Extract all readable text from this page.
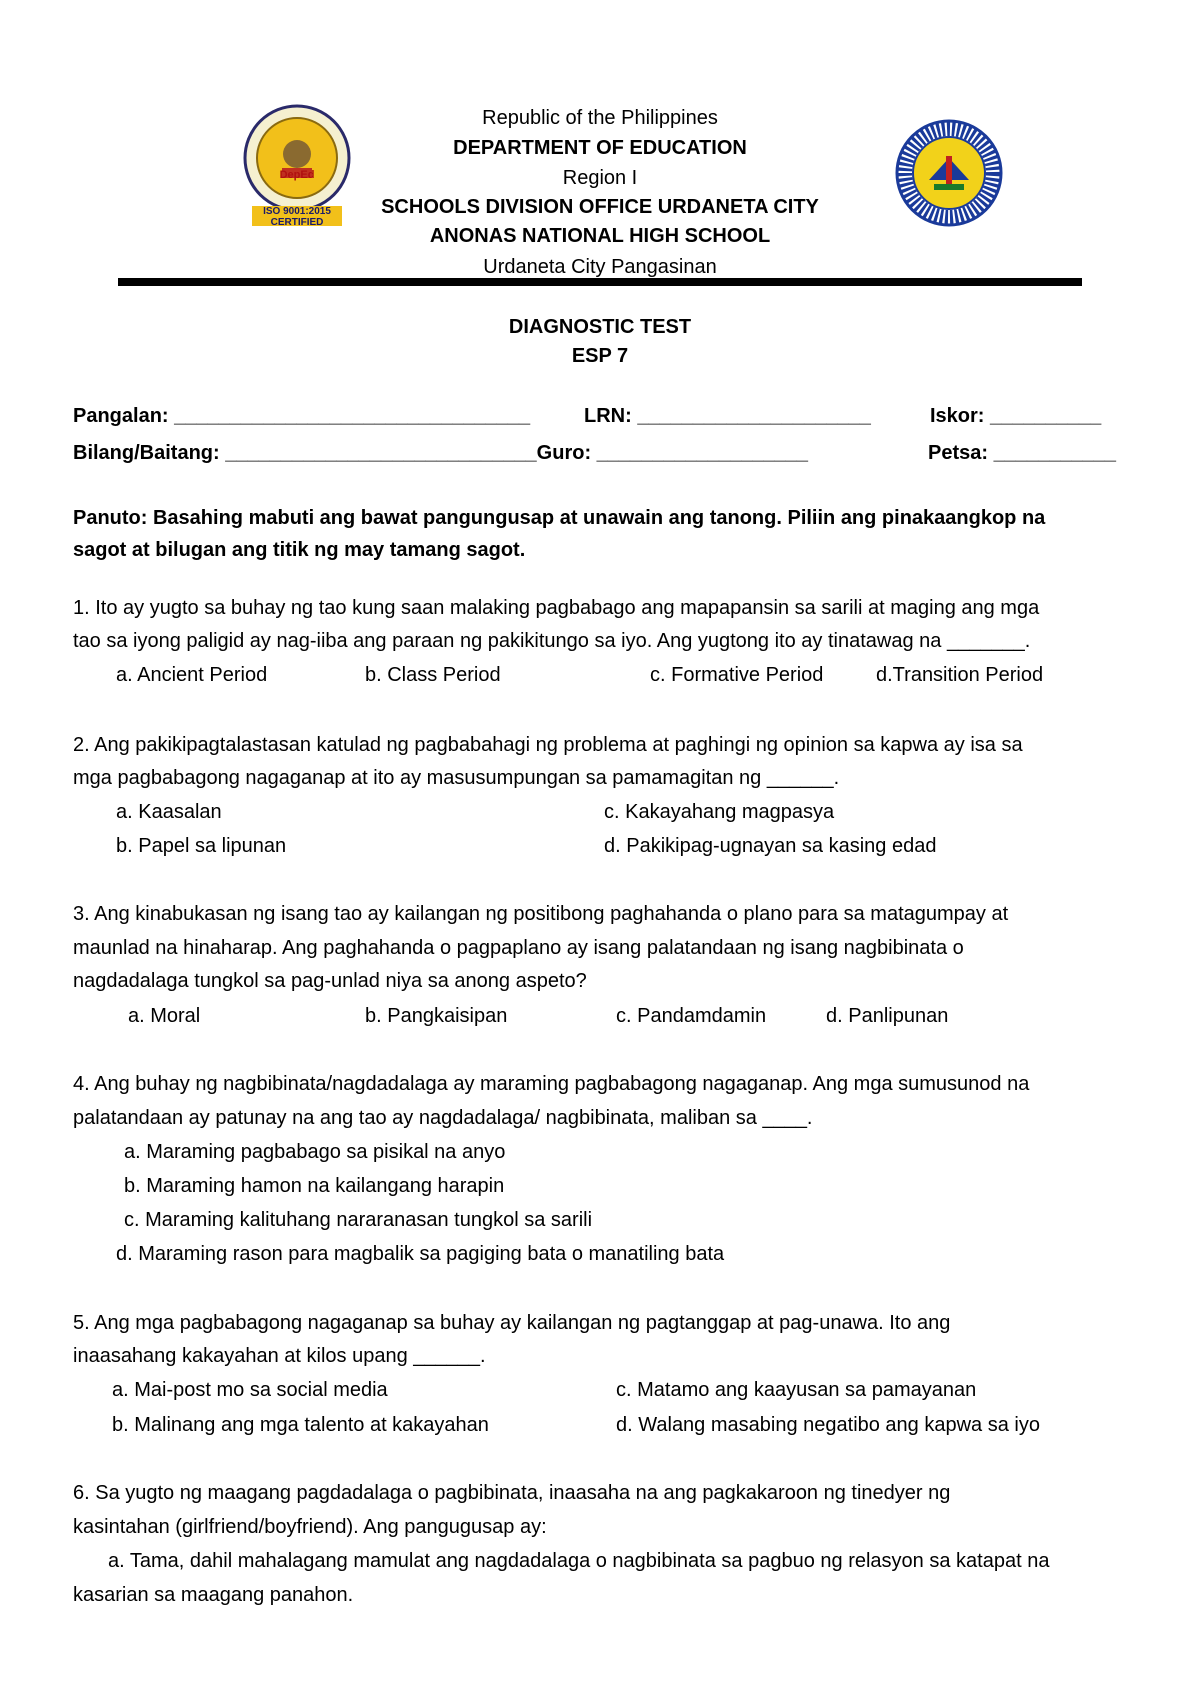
DepEd
ISO 9001:2015
CERTIFIED
Republic of the Philippines
DEPARTMENT OF EDUCATION
Region I
SCHOOLS DIVISION OFFICE URDANETA CITY
ANONAS NATIONAL HIGH SCHOOL
Urdaneta City Pangasinan
DIAGNOSTIC TEST
ESP 7
Pangalan: ________________________________	LRN: _____________________	Iskor: __________
Bilang/Baitang: ____________________________Guro: ___________________	Petsa: ___________
Panuto: Basahing mabuti ang bawat pangungusap at unawain ang tanong. Piliin ang pinakaangkop na
sagot at bilugan ang titik ng may tamang sagot.
1. Ito ay yugto sa buhay ng tao kung saan malaking pagbabago ang mapapansin sa sarili at maging ang mga
tao sa iyong paligid ay nag-iiba ang paraan ng pakikitungo sa iyo. Ang yugtong ito ay tinatawag na _______.
a. Ancient Period	b. Class Period	c. Formative Period	d.Transition Period
2. Ang pakikipagtalastasan katulad ng pagbabahagi ng problema at paghingi ng opinion sa kapwa ay isa sa
mga pagbabagong nagaganap at ito ay masusumpungan sa pamamagitan ng ______.
a. Kaasalan	c. Kakayahang magpasya
b. Papel sa lipunan	d. Pakikipag-ugnayan sa kasing edad
3. Ang kinabukasan ng isang tao ay kailangan ng positibong paghahanda o plano para sa matagumpay at
maunlad na hinaharap. Ang paghahanda o pagpaplano ay isang palatandaan ng isang nagbibinata o
nagdadalaga tungkol sa pag-unlad niya sa anong aspeto?
a. Moral	b. Pangkaisipan	c. Pandamdamin	d. Panlipunan
4. Ang buhay ng nagbibinata/nagdadalaga ay maraming pagbabagong nagaganap. Ang mga sumusunod na
palatandaan ay patunay na ang tao ay nagdadalaga/ nagbibinata, maliban sa ____.
a. Maraming pagbabago sa pisikal na anyo
b. Maraming hamon na kailangang harapin
c. Maraming kalituhang nararanasan tungkol sa sarili
d. Maraming rason para magbalik sa pagiging bata o manatiling bata
5. Ang mga pagbabagong nagaganap sa buhay ay kailangan ng pagtanggap at pag-unawa. Ito ang
inaasahang kakayahan at kilos upang ______.
a. Mai-post mo sa social media	c. Matamo ang kaayusan sa pamayanan
b. Malinang ang mga talento at kakayahan	d. Walang masabing negatibo ang kapwa sa iyo
6. Sa yugto ng maagang pagdadalaga o pagbibinata, inaasaha na ang pagkakaroon ng tinedyer ng
kasintahan (girlfriend/boyfriend). Ang pangugusap ay:
a. Tama, dahil mahalagang mamulat ang nagdadalaga o nagbibinata sa pagbuo ng relasyon sa katapat na
kasarian sa maagang panahon.
